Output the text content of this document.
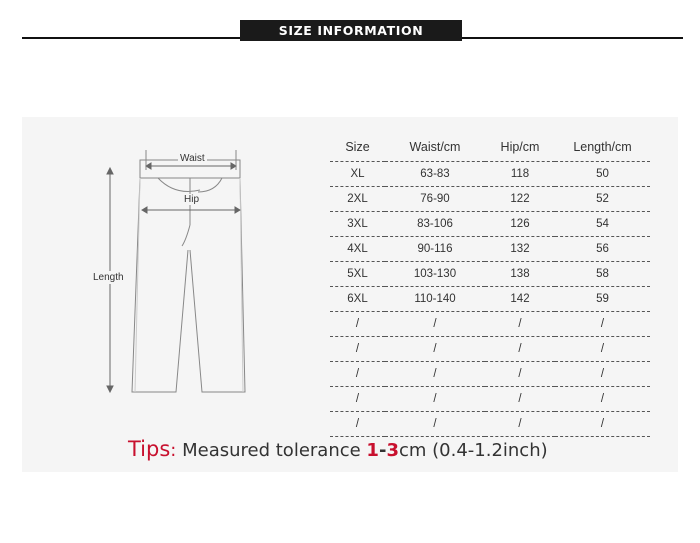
SIZE INFORMATION
Waist
Hip
Length
Size	Waist/cm	Hip/cm	Length/cm
XL	63-83	118	50
2XL	76-90	122	52
3XL	83-106	126	54
4XL	90-116	132	56
5XL	103-130	138	58
6XL	110-140	142	59
/	/	/	/
/	/	/	/
/	/	/	/
/	/	/	/
/	/	/	/
Tips: Measured tolerance 1-3cm (0.4-1.2inch)
